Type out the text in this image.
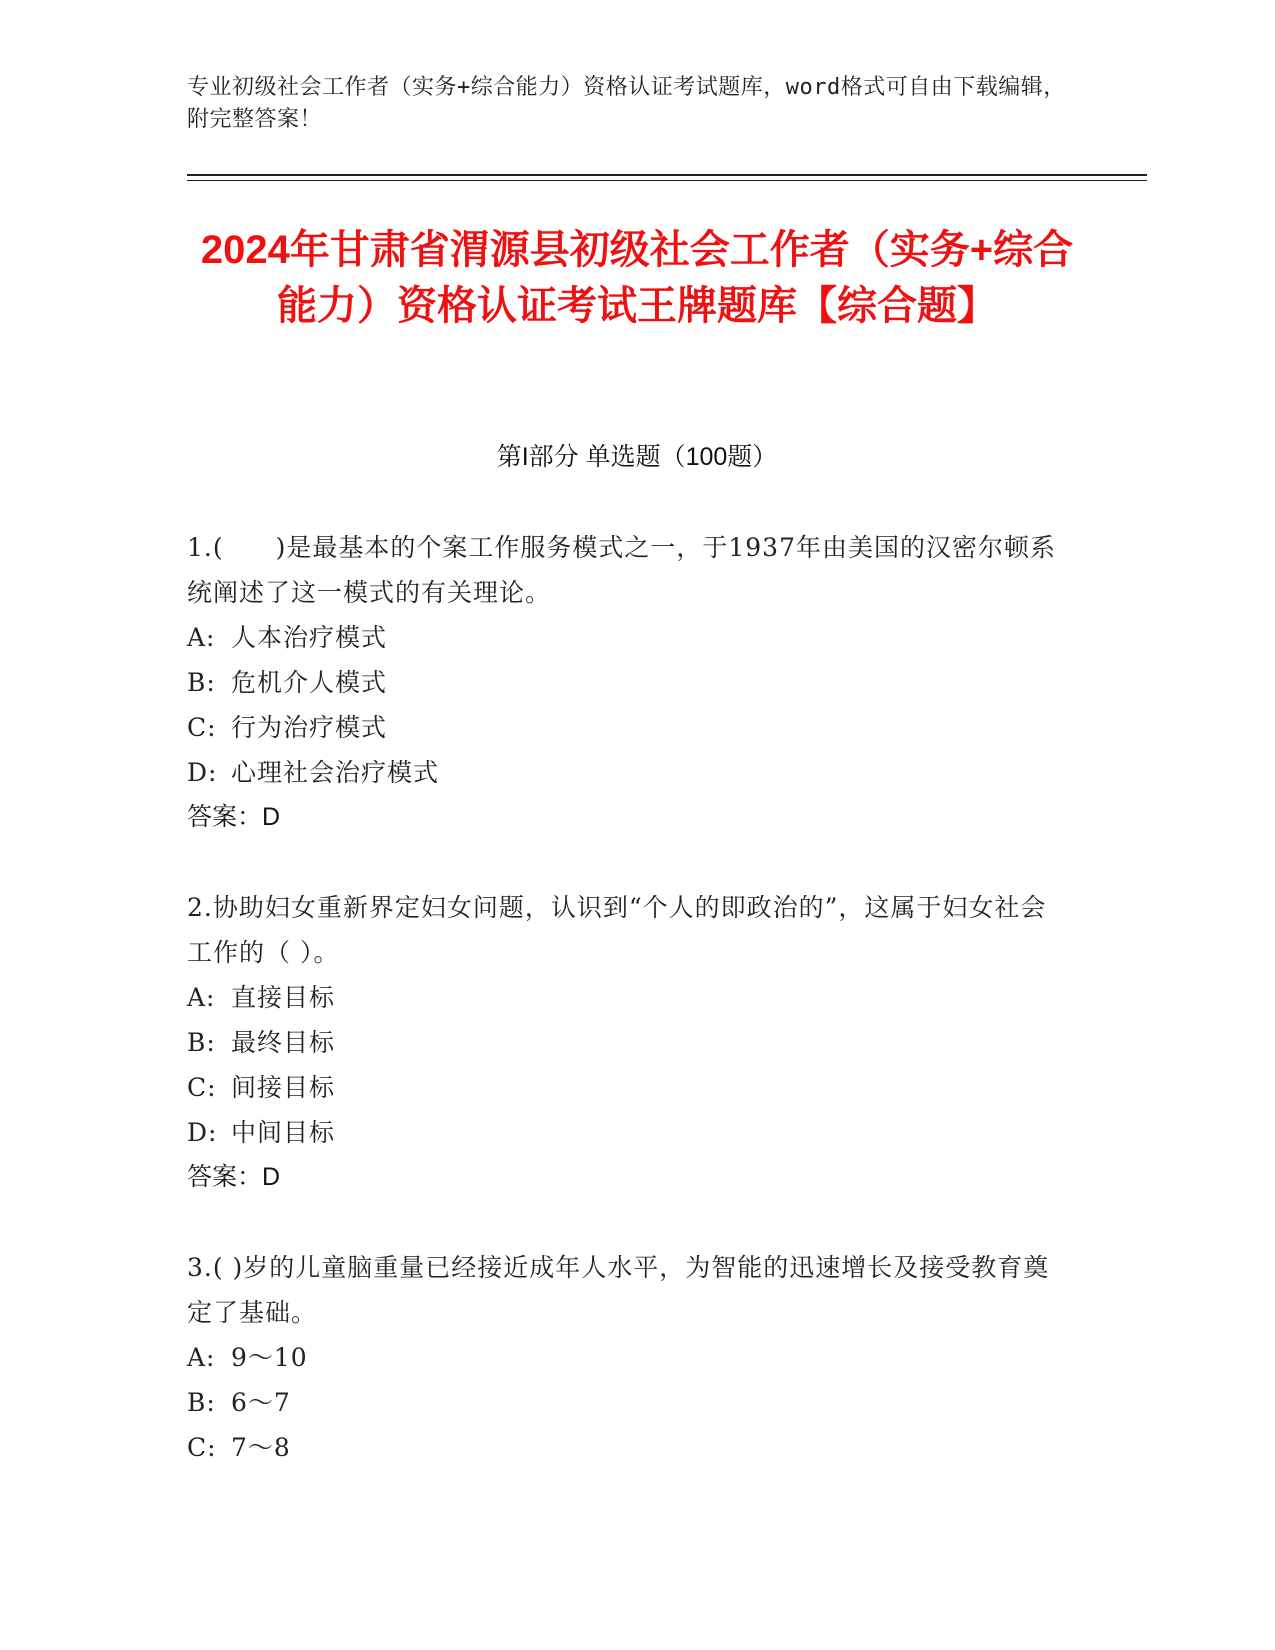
专业初级社会工作者（实务+综合能力）资格认证考试题库，word格式可自由下载编辑，附完整答案！
2024年甘肃省渭源县初级社会工作者（实务+综合能力）资格认证考试王牌题库【综合题】
第I部分 单选题（100题）

1.(　　)是最基本的个案工作服务模式之一，于1937年由美国的汉密尔顿系统阐述了这一模式的有关理论。

A: 人本治疗模式

B: 危机介人模式

C: 行为治疗模式

D: 心理社会治疗模式

答案：D

2.协助妇女重新界定妇女问题，认识到“个人的即政治的”，这属于妇女社会工作的（ ）。

A: 直接目标

B: 最终目标

C: 间接目标

D: 中间目标

答案：D

3.( )岁的儿童脑重量已经接近成年人水平，为智能的迅速增长及接受教育奠定了基础。

A: 9～10

B: 6～7

C: 7～8
